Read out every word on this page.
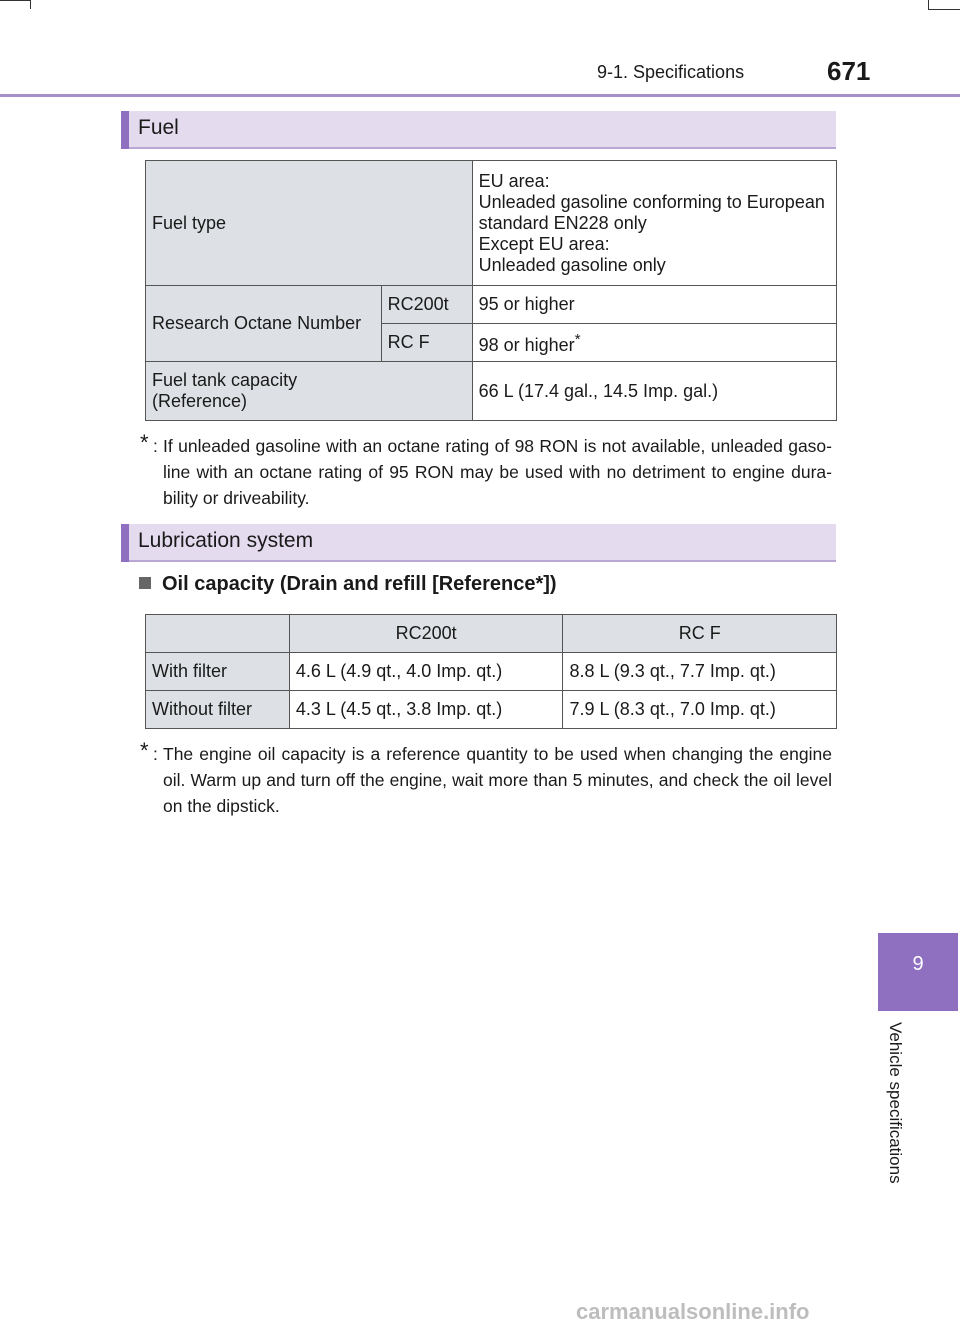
9-1. Specifications	671
Fuel
Fuel type		EU area:
Unleaded gasoline conforming to European
standard EN228 only
Except EU area:
Unleaded gasoline only

Research Octane Number	RC200t	95 or higher
	RC F	98 or higher*

Fuel tank capacity
(Reference)		66 L (17.4 gal., 14.5 Imp. gal.)
* : If unleaded gasoline with an octane rating of 98 RON is not available, unleaded gaso-line with an octane rating of 95 RON may be used with no detriment to engine dura-bility or driveability.
Lubrication system
Oil capacity (Drain and refill [Reference*])
	RC200t	RC F
With filter	4.6 L (4.9 qt., 4.0 Imp. qt.)	8.8 L (9.3 qt., 7.7 Imp. qt.)
Without filter	4.3 L (4.5 qt., 3.8 Imp. qt.)	7.9 L (8.3 qt., 7.0 Imp. qt.)
* : The engine oil capacity is a reference quantity to be used when changing the engine oil. Warm up and turn off the engine, wait more than 5 minutes, and check the oil level on the dipstick.
9
Vehicle specifications
carmanualsonline.info
